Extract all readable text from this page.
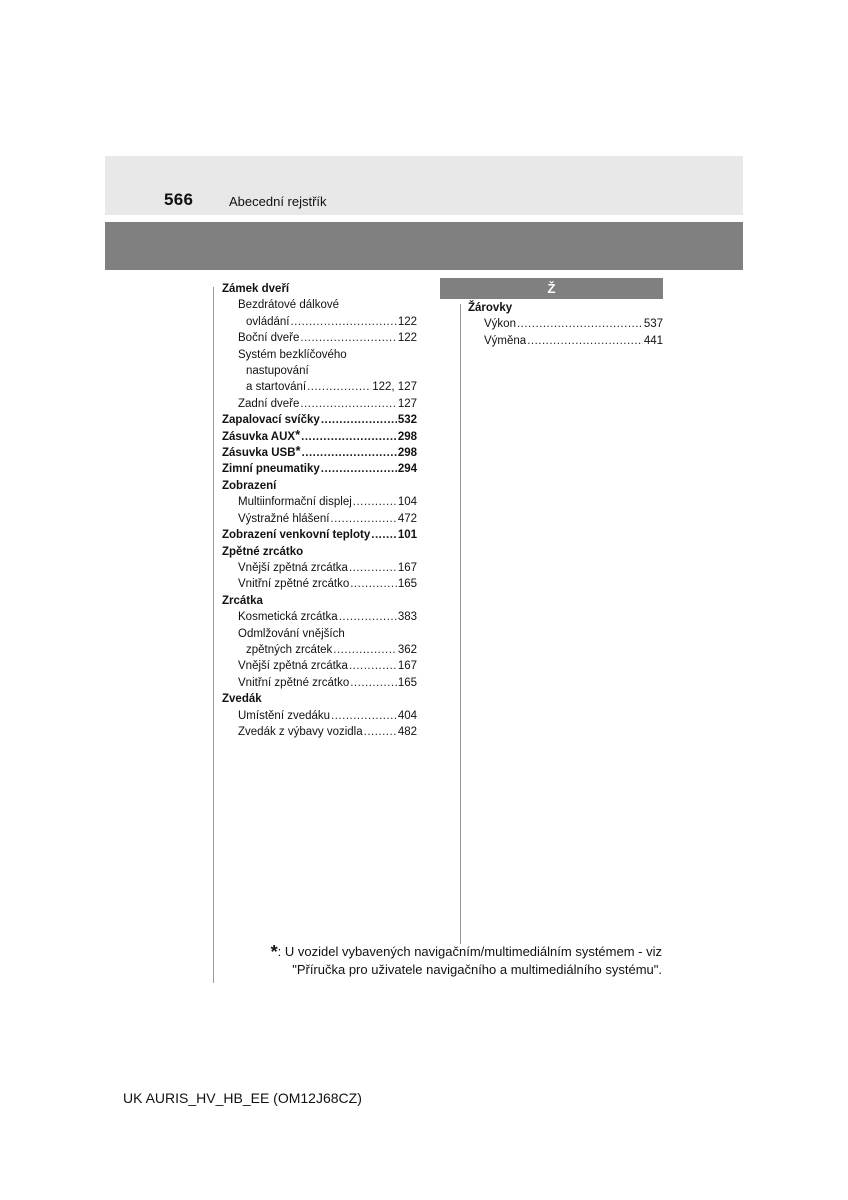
566	Abecední rejstřík
Zámek dveří
Bezdrátové dálkové
ovládání .....	122
Boční dveře .....	122
Systém bezklíčového
nastupování
a startování .....	122, 127
Zadní dveře .....	127
Zapalovací svíčky .....	532
Zásuvka AUX* .....	298
Zásuvka USB* .....	298
Zimní pneumatiky .....	294
Zobrazení
Multiinformační displej .....	104
Výstražné hlášení .....	472
Zobrazení venkovní teploty ..... 101
Zpětné zrcátko
Vnější zpětná zrcátka .....	167
Vnitřní zpětné zrcátko .....	165
Zrcátka
Kosmetická zrcátka .....	383
Odmlžování vnějších
zpětných zrcátek .....	362
Vnější zpětná zrcátka .....	167
Vnitřní zpětné zrcátko .....	165
Zvedák
Umístění zvedáku .....	404
Zvedák z výbavy vozidla .....	482
Ž
Žárovky
Výkon .....	537
Výměna .....	441
*: U vozidel vybavených navigačním/multimediálním systémem - viz
"Příručka pro uživatele navigačního a multimediálního systému".
UK AURIS_HV_HB_EE (OM12J68CZ)
